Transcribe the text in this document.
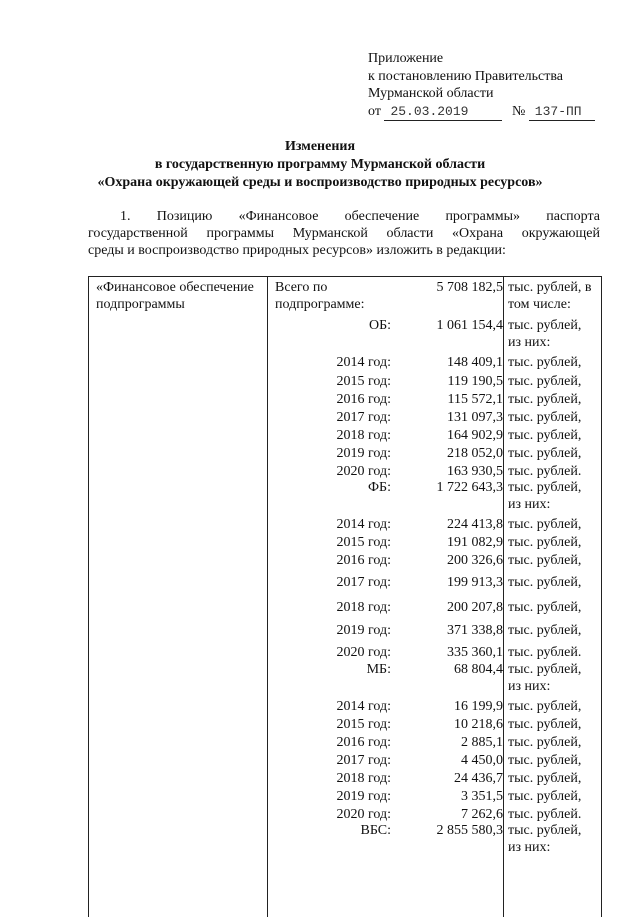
Приложение
к постановлению Правительства
Мурманской области
от 25.03.2019	№ 137-ПП
Изменения
в государственную программу Мурманской области
«Охрана окружающей среды и воспроизводство природных ресурсов»
1. Позицию «Финансовое обеспечение программы» паспорта
государственной программы Мурманской области «Охрана окружающей
среды и воспроизводство природных ресурсов» изложить в редакции:
«Финансовое обеспечение подпрограммы
Всего по
подпрограмме:
5 708 182,5 тыс. рублей, в
том числе:
ОБ:	1 061 154,4 тыс. рублей,
из них:
2014 год:	148 409,1 тыс. рублей,
2015 год:	119 190,5 тыс. рублей,
2016 год:	115 572,1 тыс. рублей,
2017 год:	131 097,3 тыс. рублей,
2018 год:	164 902,9 тыс. рублей,
2019 год:	218 052,0 тыс. рублей,
2020 год:	163 930,5 тыс. рублей.
ФБ:	1 722 643,3 тыс. рублей,
из них:
2014 год:	224 413,8 тыс. рублей,
2015 год:	191 082,9 тыс. рублей,
2016 год:	200 326,6 тыс. рублей,
2017 год:	199 913,3 тыс. рублей,
2018 год:	200 207,8 тыс. рублей,
2019 год:	371 338,8 тыс. рублей,
2020 год:	335 360,1 тыс. рублей.
МБ:	68 804,4 тыс. рублей,
из них:
2014 год:	16 199,9 тыс. рублей,
2015 год:	10 218,6 тыс. рублей,
2016 год:	2 885,1 тыс. рублей,
2017 год:	4 450,0 тыс. рублей,
2018 год:	24 436,7 тыс. рублей,
2019 год:	3 351,5 тыс. рублей,
2020 год:	7 262,6 тыс. рублей.
ВБС:	2 855 580,3 тыс. рублей,
из них:
